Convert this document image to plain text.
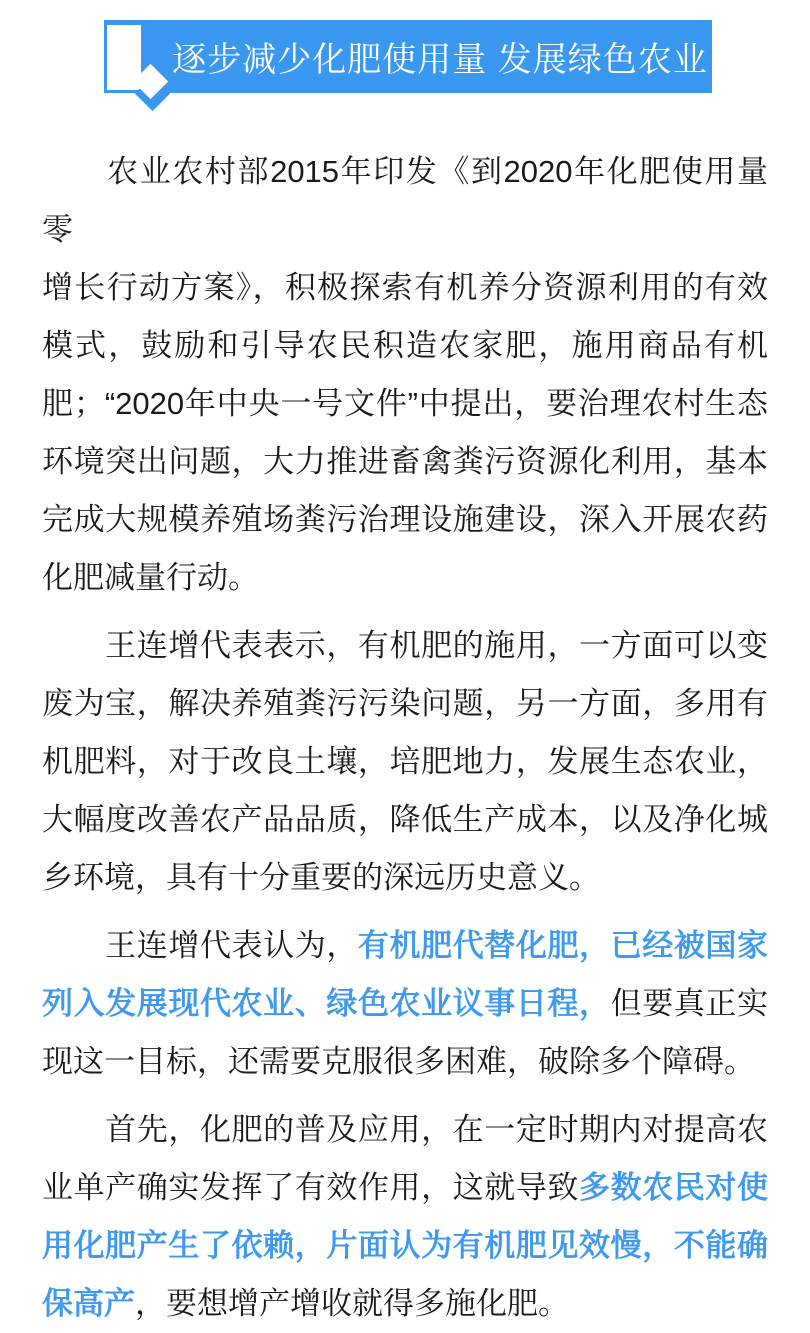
逐步减少化肥使用量 发展绿色农业
　　农业农村部2015年印发《到2020年化肥使用量零
增长行动方案》，积极探索有机养分资源利用的有效
模式，鼓励和引导农民积造农家肥，施用商品有机
肥；“2020年中央一号文件”中提出，要治理农村生态
环境突出问题，大力推进畜禽粪污资源化利用，基本
完成大规模养殖场粪污治理设施建设，深入开展农药
化肥减量行动。
　　王连增代表表示，有机肥的施用，一方面可以变
废为宝，解决养殖粪污污染问题，另一方面，多用有
机肥料，对于改良土壤，培肥地力，发展生态农业，
大幅度改善农产品品质，降低生产成本，以及净化城
乡环境，具有十分重要的深远历史意义。
　　王连增代表认为，有机肥代替化肥，已经被国家
列入发展现代农业、绿色农业议事日程，但要真正实
现这一目标，还需要克服很多困难，破除多个障碍。
　　首先，化肥的普及应用，在一定时期内对提高农
业单产确实发挥了有效作用，这就导致多数农民对使
用化肥产生了依赖，片面认为有机肥见效慢，不能确
保高产，要想增产增收就得多施化肥。
